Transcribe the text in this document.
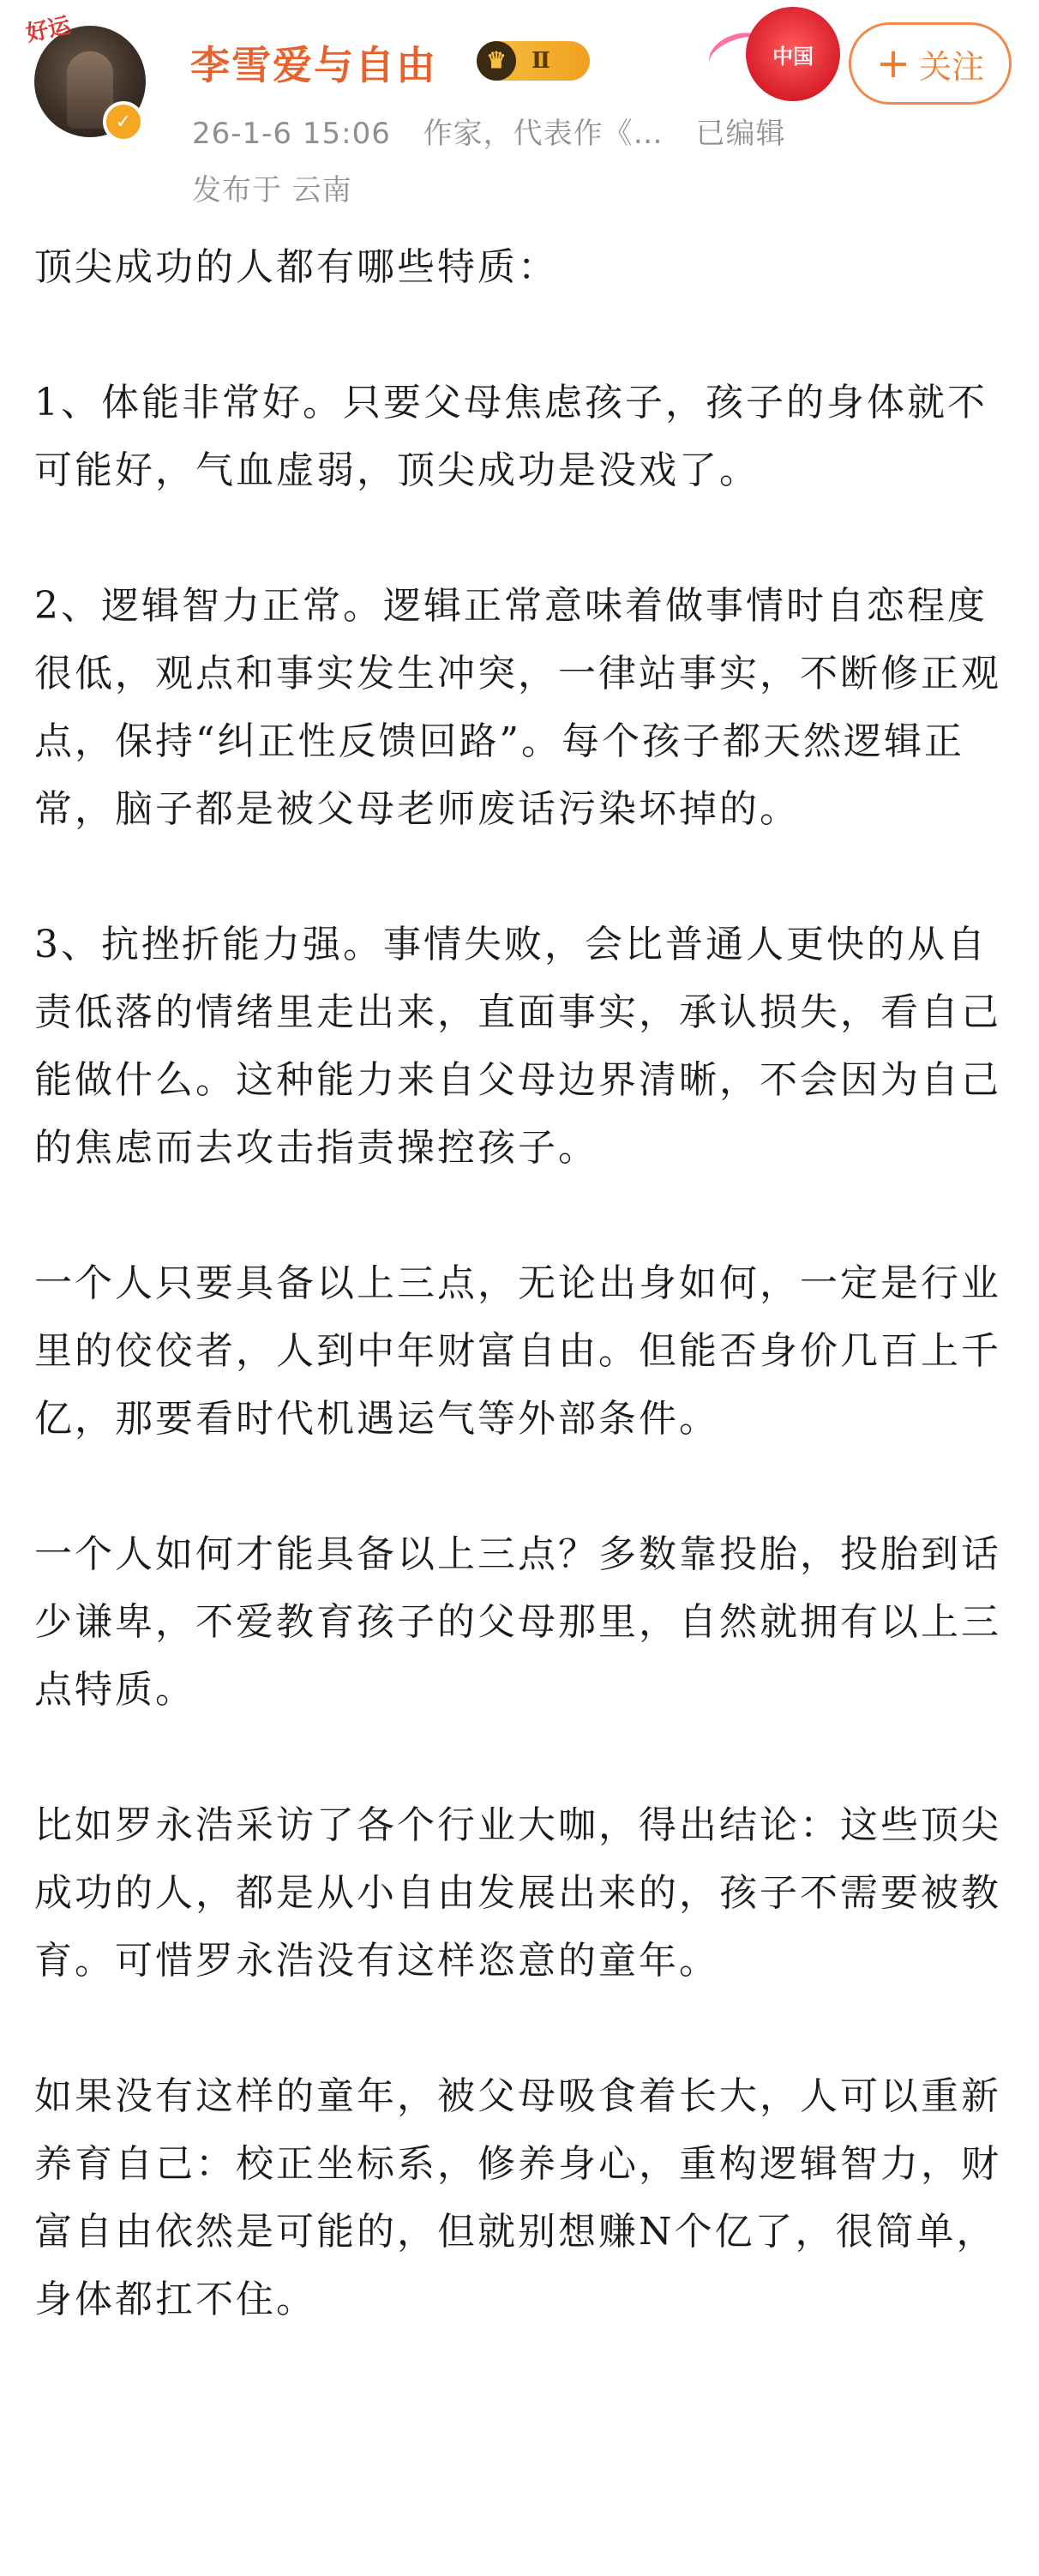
好运
✓
李雪爱与自由	♛	Ⅱ
26-1-6 15:06 作家，代表作《… 已编辑
发布于 云南
中国	+ 关注

顶尖成功的人都有哪些特质：

1、体能非常好。只要父母焦虑孩子，孩子的身体就不可能好，气血虚弱，顶尖成功是没戏了。

2、逻辑智力正常。逻辑正常意味着做事情时自恋程度很低，观点和事实发生冲突，一律站事实，不断修正观点，保持“纠正性反馈回路”。每个孩子都天然逻辑正常，脑子都是被父母老师废话污染坏掉的。

3、抗挫折能力强。事情失败，会比普通人更快的从自责低落的情绪里走出来，直面事实，承认损失，看自己能做什么。这种能力来自父母边界清晰，不会因为自己的焦虑而去攻击指责操控孩子。

一个人只要具备以上三点，无论出身如何，一定是行业里的佼佼者，人到中年财富自由。但能否身价几百上千亿，那要看时代机遇运气等外部条件。

一个人如何才能具备以上三点？多数靠投胎，投胎到话少谦卑，不爱教育孩子的父母那里，自然就拥有以上三点特质。

比如罗永浩采访了各个行业大咖，得出结论：这些顶尖成功的人，都是从小自由发展出来的，孩子不需要被教育。可惜罗永浩没有这样恣意的童年。

如果没有这样的童年，被父母吸食着长大，人可以重新养育自己：校正坐标系，修养身心，重构逻辑智力，财富自由依然是可能的，但就别想赚N个亿了，很简单，身体都扛不住。
